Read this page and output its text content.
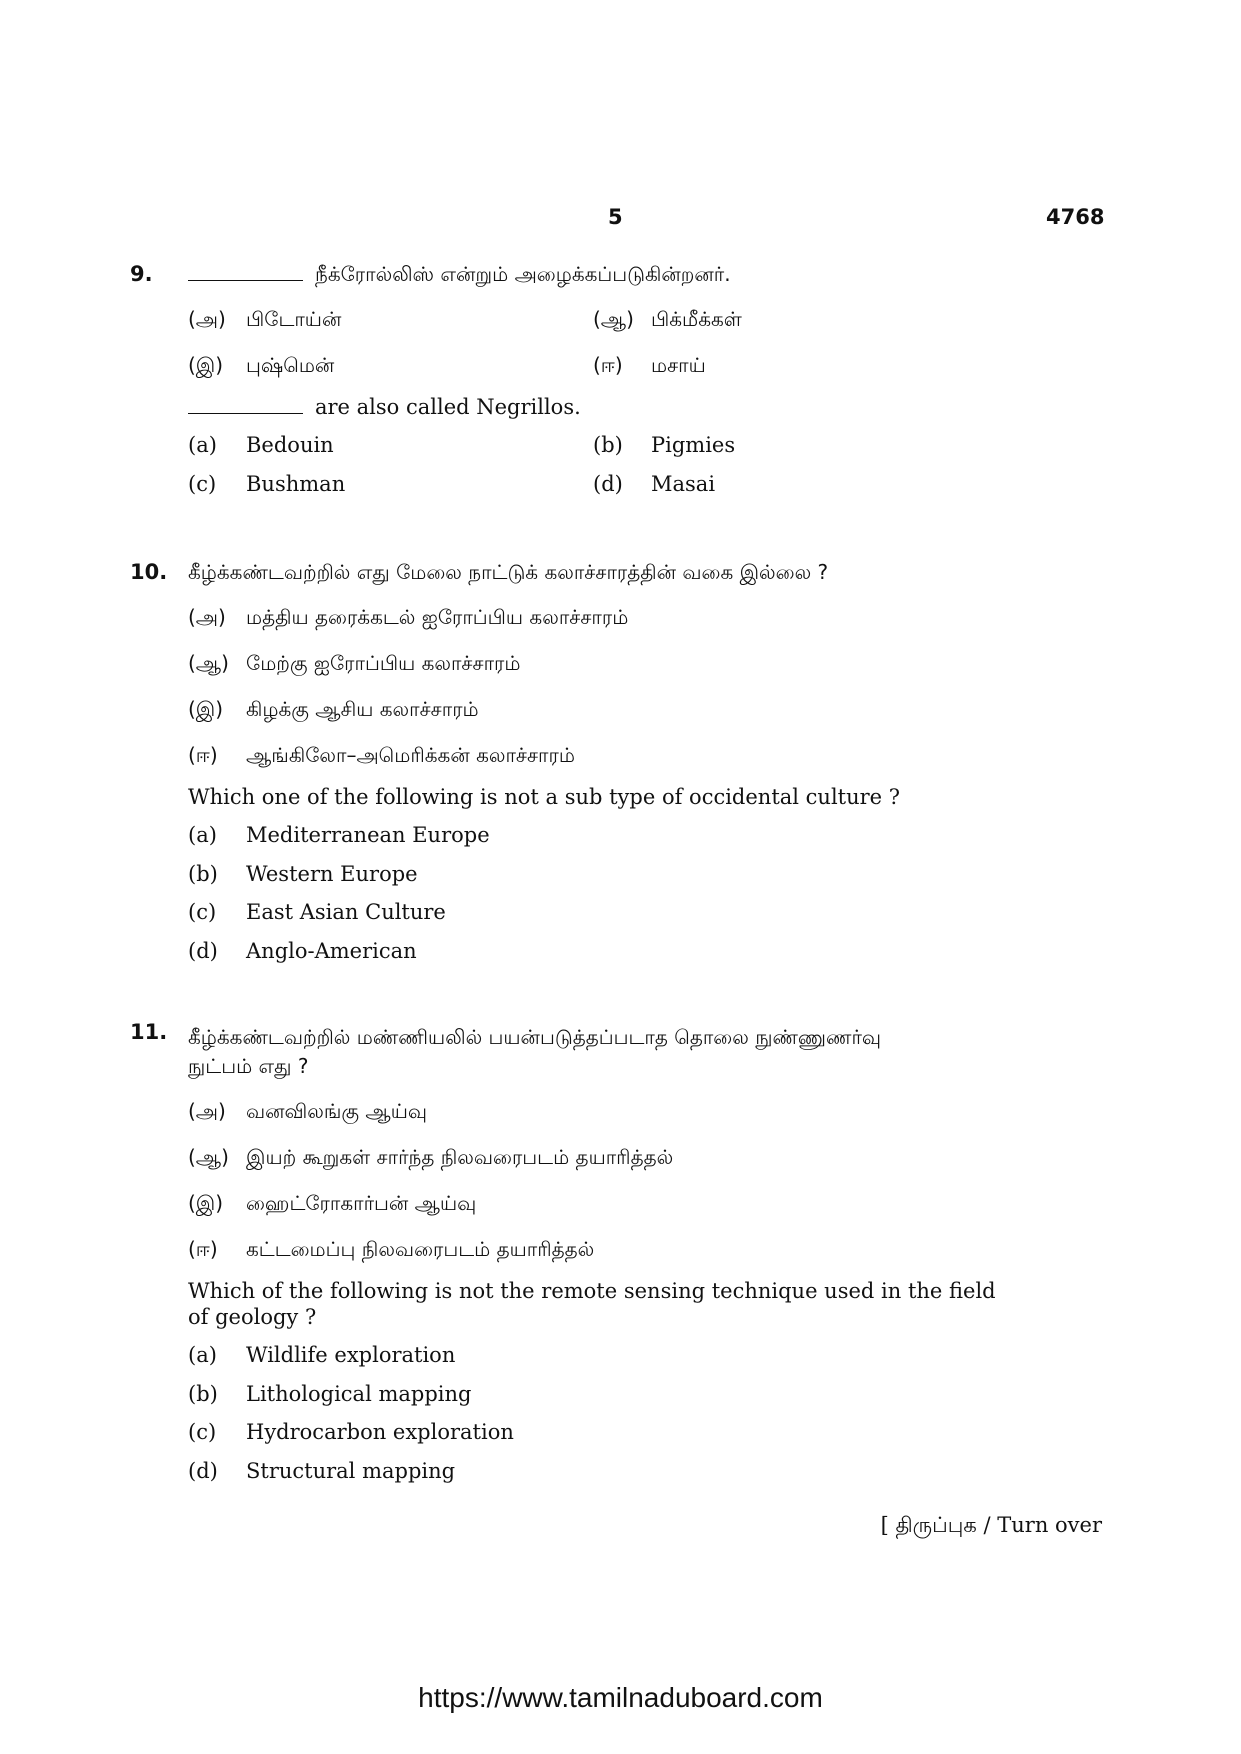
5	4768
9.	நீக்ரோல்லிஸ் என்றும் அழைக்கப்படுகின்றனர்.
(அ)	பிடோய்ன்	(ஆ) பிக்மீக்கள்
(இ)	புஷ்மென்	(ஈ)	மசாய்
are also called Negrillos.
(a)	Bedouin	(b)	Pigmies
(c)	Bushman	(d)	Masai
10. கீழ்க்கண்டவற்றில் எது மேலை நாட்டுக் கலாச்சாரத்தின் வகை இல்லை ?
(அ)	மத்திய தரைக்கடல் ஐரோப்பிய கலாச்சாரம்
(ஆ) மேற்கு ஐரோப்பிய கலாச்சாரம்
(இ)	கிழக்கு ஆசிய கலாச்சாரம்
(ஈ)	ஆங்கிலோ–அமெரிக்கன் கலாச்சாரம்
Which one of the following is not a sub type of occidental culture ?
(a)	Mediterranean Europe
(b)	Western Europe
(c)	East Asian Culture
(d)	Anglo-American
11. கீழ்க்கண்டவற்றில் மண்ணியலில் பயன்படுத்தப்படாத தொலை நுண்ணுணர்வு
நுட்பம் எது ?
(அ)	வனவிலங்கு ஆய்வு
(ஆ) இயற் கூறுகள் சார்ந்த நிலவரைபடம் தயாரித்தல்
(இ)	ஹைட்ரோகார்பன் ஆய்வு
(ஈ)	கட்டமைப்பு நிலவரைபடம் தயாரித்தல்
Which of the following is not the remote sensing technique used in the field
of geology ?
(a)	Wildlife exploration
(b)	Lithological mapping
(c)	Hydrocarbon exploration
(d)	Structural mapping
[ திருப்புக / Turn over
https://www.tamilnaduboard.com
